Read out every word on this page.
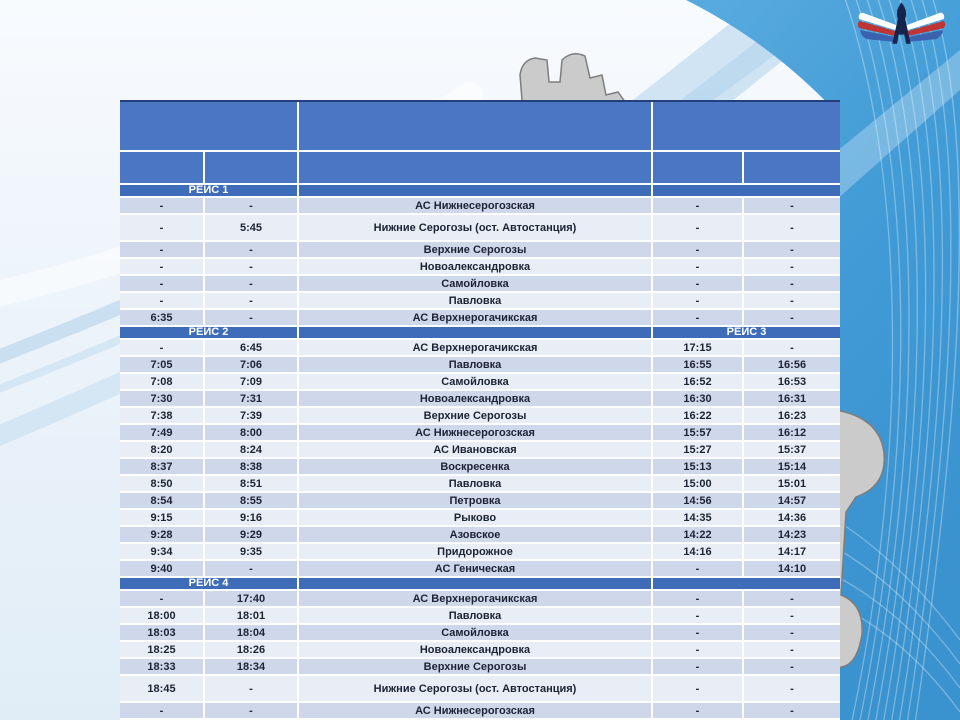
РЕЙС 1
-	-	АС Нижнесерогозская	-	-
-	5:45	Нижние Серогозы (ост. Автостанция)	-	-
-	-	Верхние Серогозы	-	-
-	-	Новоалександровка	-	-
-	-	Самойловка	-	-
-	-	Павловка	-	-
6:35	-	АС Верхнерогачикская	-	-
РЕЙС 2	РЕЙС 3
-	6:45	АС Верхнерогачикская	17:15	-
7:05	7:06	Павловка	16:55	16:56
7:08	7:09	Самойловка	16:52	16:53
7:30	7:31	Новоалександровка	16:30	16:31
7:38	7:39	Верхние Серогозы	16:22	16:23
7:49	8:00	АС Нижнесерогозская	15:57	16:12
8:20	8:24	АС Ивановская	15:27	15:37
8:37	8:38	Воскресенка	15:13	15:14
8:50	8:51	Павловка	15:00	15:01
8:54	8:55	Петровка	14:56	14:57
9:15	9:16	Рыково	14:35	14:36
9:28	9:29	Азовское	14:22	14:23
9:34	9:35	Придорожное	14:16	14:17
9:40	-	АС Геническая	-	14:10
РЕЙС 4
-	17:40	АС Верхнерогачикская	-	-
18:00	18:01	Павловка	-	-
18:03	18:04	Самойловка	-	-
18:25	18:26	Новоалександровка	-	-
18:33	18:34	Верхние Серогозы	-	-
18:45	-	Нижние Серогозы (ост. Автостанция)	-	-
-	-	АС Нижнесерогозская	-	-
